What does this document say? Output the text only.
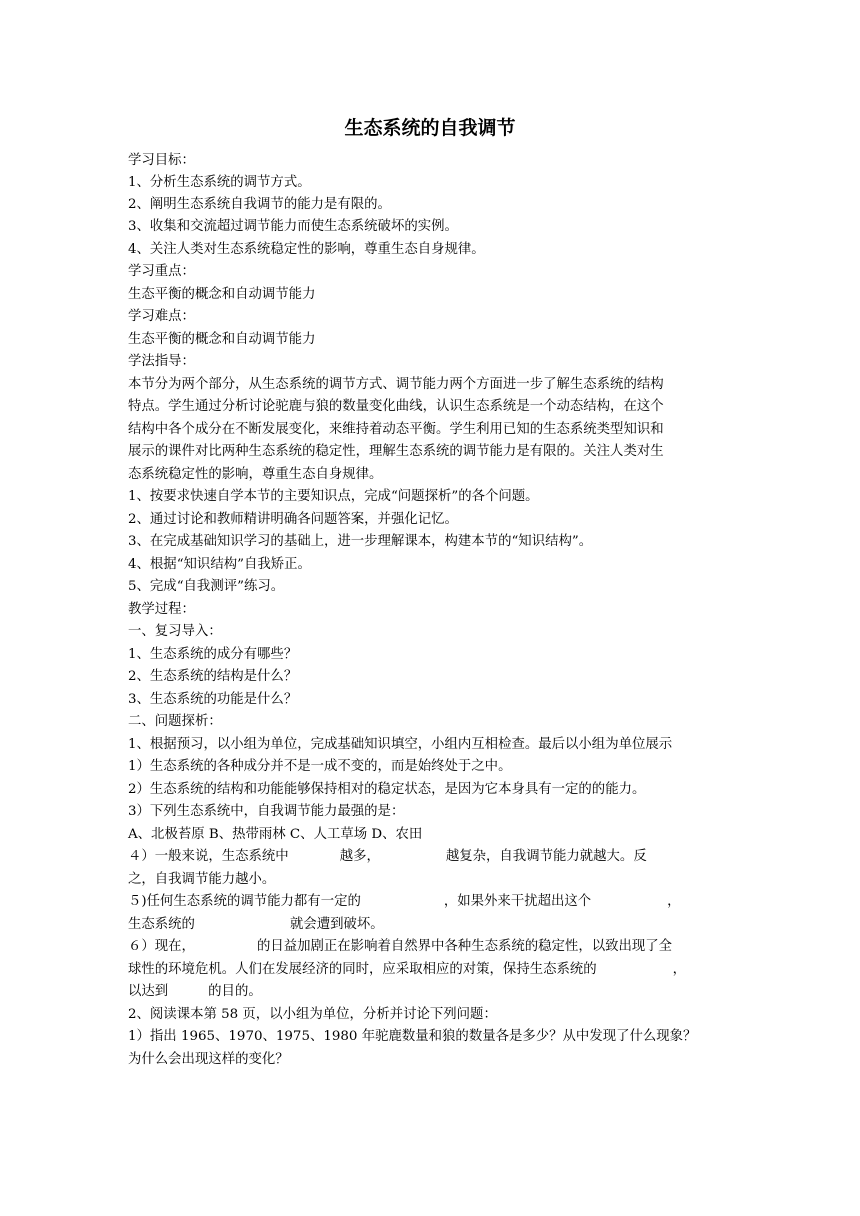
生态系统的自我调节
学习目标：
1、分析生态系统的调节方式。
2、阐明生态系统自我调节的能力是有限的。
3、收集和交流超过调节能力而使生态系统破坏的实例。
4、关注人类对生态系统稳定性的影响，尊重生态自身规律。
学习重点：
生态平衡的概念和自动调节能力
学习难点：
生态平衡的概念和自动调节能力
学法指导：
本节分为两个部分，从生态系统的调节方式、调节能力两个方面进一步了解生态系统的结构
特点。学生通过分析讨论驼鹿与狼的数量变化曲线，认识生态系统是一个动态结构，在这个
结构中各个成分在不断发展变化，来维持着动态平衡。学生利用已知的生态系统类型知识和
展示的课件对比两种生态系统的稳定性，理解生态系统的调节能力是有限的。关注人类对生
态系统稳定性的影响，尊重生态自身规律。
1、按要求快速自学本节的主要知识点，完成“问题探析”的各个问题。
2、通过讨论和教师精讲明确各问题答案，并强化记忆。
3、在完成基础知识学习的基础上，进一步理解课本，构建本节的“知识结构”。
4、根据“知识结构”自我矫正。
5、完成“自我测评”练习。
教学过程：
一、复习导入：
1、生态系统的成分有哪些？
2、生态系统的结构是什么？
3、生态系统的功能是什么？
二、问题探析：
1、根据预习，以小组为单位，完成基础知识填空，小组内互相检查。最后以小组为单位展示
1）生态系统的各种成分并不是一成不变的，而是始终处于之中。
2）生态系统的结构和功能能够保持相对的稳定状态，是因为它本身具有一定的的能力。
3）下列生态系统中，自我调节能力最强的是：
A、北极苔原 B、热带雨林 C、人工草场 D、农田
４）一般来说，生态系统中	越多，	越复杂，自我调节能力就越大。反
之，自我调节能力越小。
５)任何生态系统的调节能力都有一定的	，如果外来干扰超出这个	，
生态系统的	就会遭到破坏。
６）现在，	的日益加剧正在影响着自然界中各种生态系统的稳定性，以致出现了全
球性的环境危机。人们在发展经济的同时，应采取相应的对策，保持生态系统的	，
以达到	的目的。
2、阅读课本第 58 页，以小组为单位，分析并讨论下列问题：
1）指出 1965、1970、1975、1980 年驼鹿数量和狼的数量各是多少？从中发现了什么现象？
为什么会出现这样的变化？
